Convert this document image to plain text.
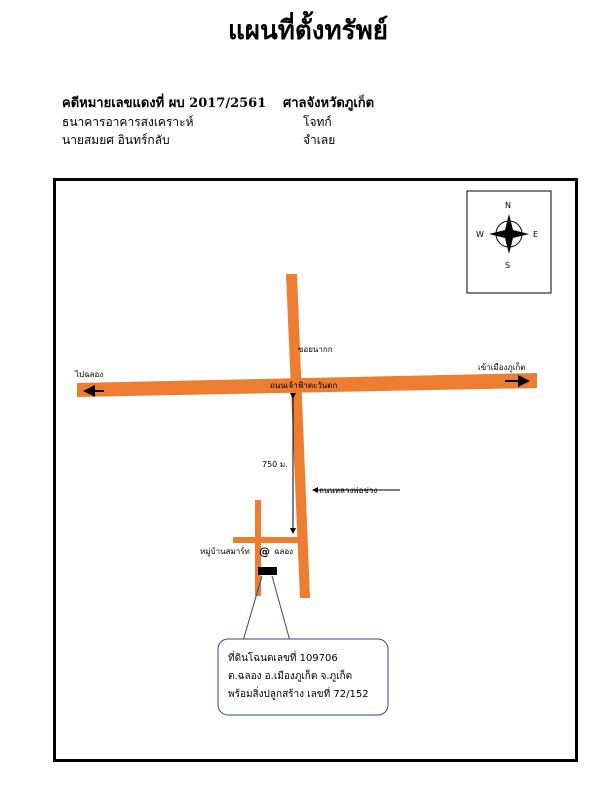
แผนที่ตั้งทรัพย์
คดีหมายเลขแดงที่ ผบ 2017/2561 ศาลจังหวัดภูเก็ต
ธนาคารอาคารสงเคราะห์	โจทก์
นายสมยศ อินทร์กลับ	จำเลย
N
S
E
W
ที่ดินโฉนดเลขที่ 109706
ต.ฉลอง อ.เมืองภูเก็ต จ.ภูเก็ต
พร้อมสิ่งปลูกสร้าง เลขที่ 72/152
ไปฉลอง
เข้าเมืองภูเก็ต
ซอยนากก
ถนนเจ้าฟ้าตะวันตก
750 ม.
ถนนหลวงพ่อช่วง
หมู่บ้านสมาร์ท @ ฉลอง
